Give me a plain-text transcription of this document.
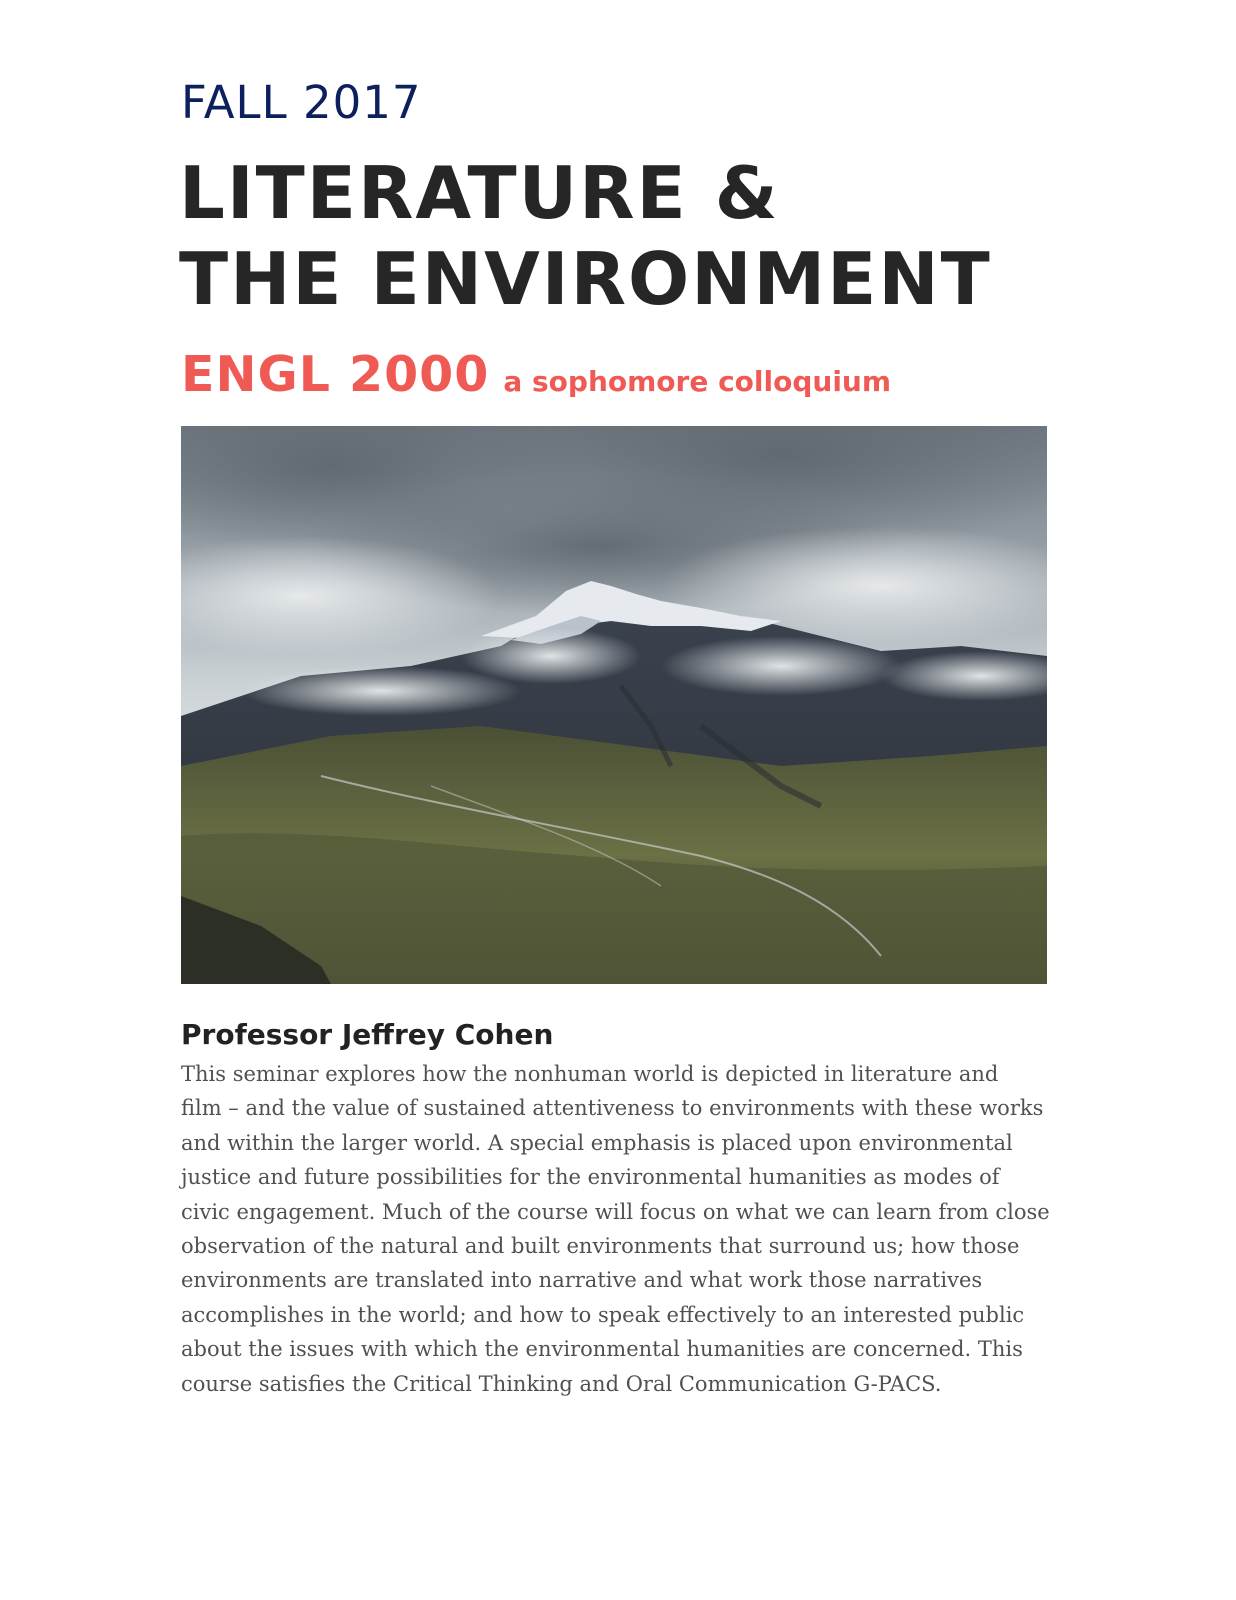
FALL 2017
LITERATURE &
THE ENVIRONMENT
ENGL 2000 a sophomore colloquium
Professor Jeffrey Cohen
This seminar explores how the nonhuman world is depicted in literature and
film – and the value of sustained attentiveness to environments with these works
and within the larger world. A special emphasis is placed upon environmental
justice and future possibilities for the environmental humanities as modes of
civic engagement. Much of the course will focus on what we can learn from close
observation of the natural and built environments that surround us; how those
environments are translated into narrative and what work those narratives
accomplishes in the world; and how to speak effectively to an interested public
about the issues with which the environmental humanities are concerned. This
course satisfies the Critical Thinking and Oral Communication G-PACS.
